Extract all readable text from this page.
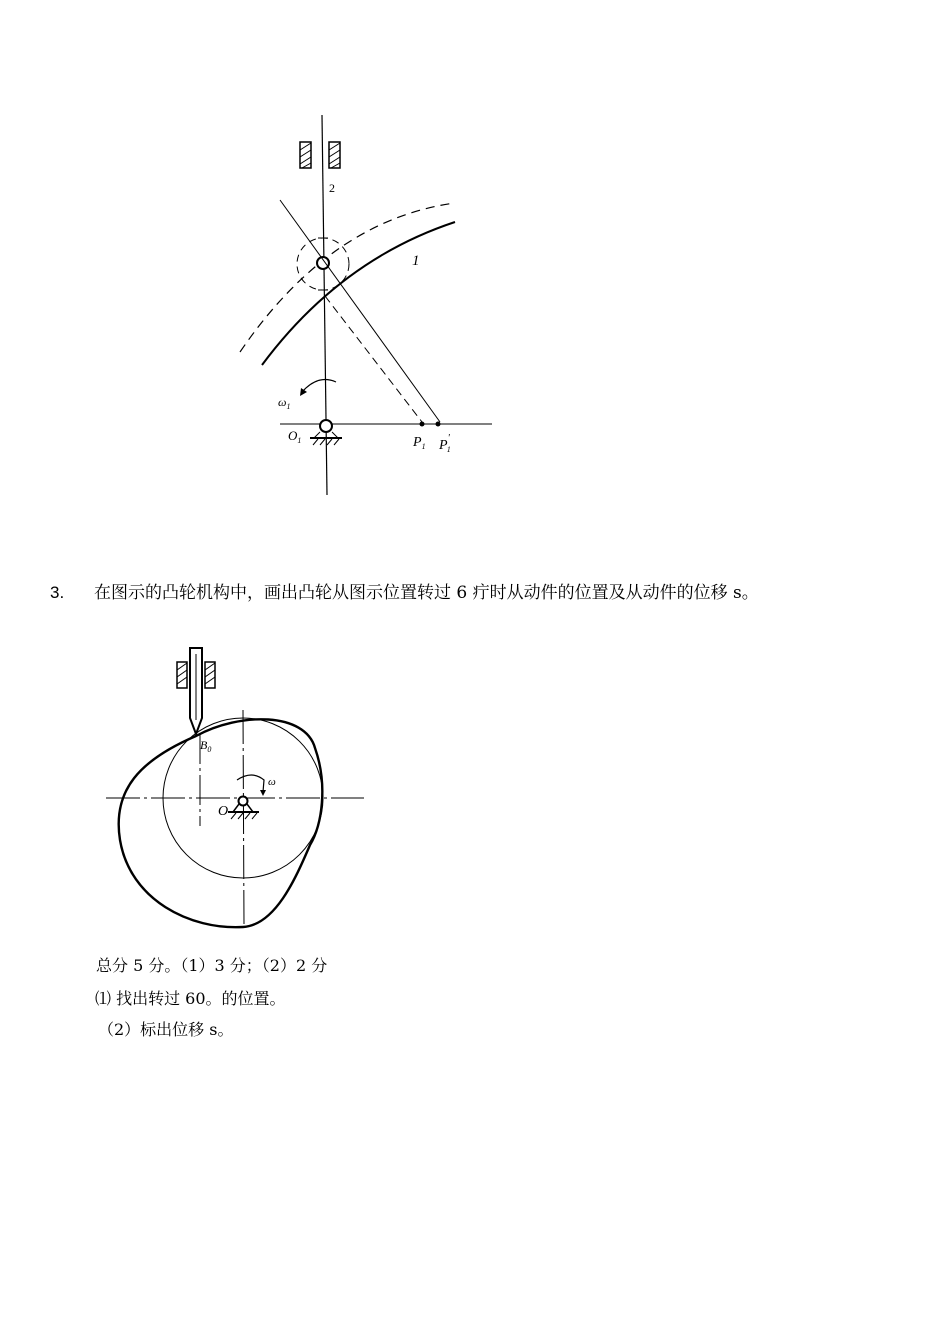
2
1
$\omega_1$
$O_1$	$P_1$ P' 1
3. 在图示的凸轮机构中，画出凸轮从图示位置转过 6 疔时从动件的位置及从动件的位移 s。
ω
$B_0$
O
总分 5 分。（1）3 分；（2）2 分
⑴ 找出转过 60。的位置。
（2）标出位移 s。
